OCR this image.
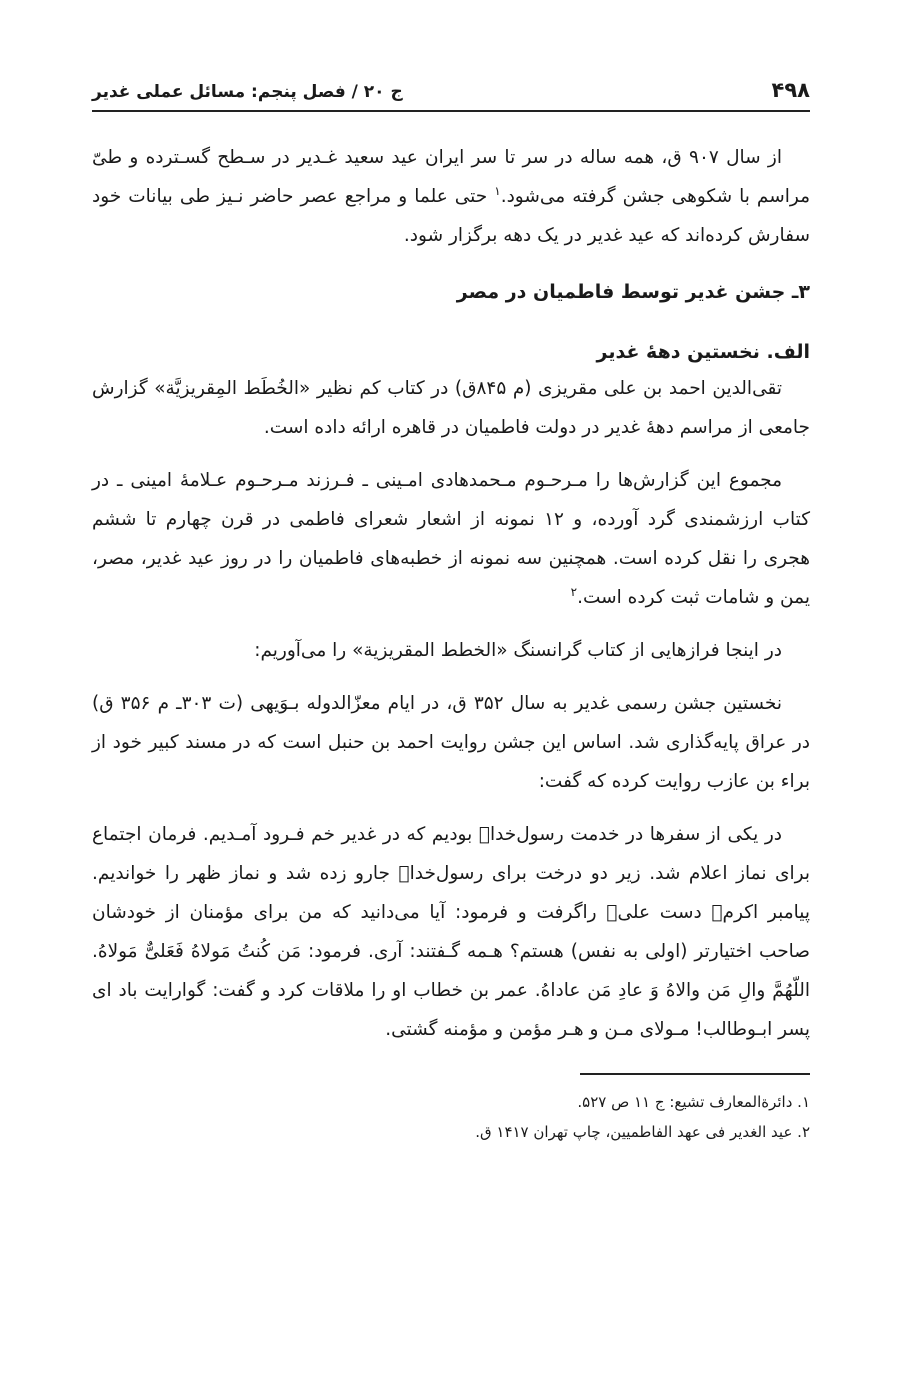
۴۹۸
ج ۲۰ / فصل پنجم: مسائل عملی غدیر

از سال ۹۰۷ ق، همه ساله در سر تا سر ایران عید سعید غـدیر در سـطح گسـترده و طیّ مراسم با شکوهی جشن گرفته می‌شود.$^۱$ حتی علما و مراجع عصر حاضر نـیز طی بیانات خود سفارش کرده‌اند که عید غدیر در یک دهه برگزار شود.

۳ـ جشن غدیر توسط فاطمیان در مصر
الف. نخستین دههٔ غدیر

تقی‌الدین احمد بن علی مقریزی (م ۸۴۵ق) در کتاب کم نظیر «الخُطَط المِقریزیَّة» گزارش جامعی از مراسم دههٔ غدیر در دولت فاطمیان در قاهره ارائه داده است.

مجموع این گزارش‌ها را مـرحـوم مـحمدهادی امـینی ـ فـرزند مـرحـوم عـلامهٔ امینی ـ در کتاب ارزشمندی گرد آورده، و ۱۲ نمونه از اشعار شعرای فاطمی در قرن چهارم تا ششم هجری را نقل کرده است. همچنین سه نمونه از خطبه‌های فاطمیان را در روز عید غدیر، مصر، یمن و شامات ثبت کرده است.$^۲$

در اینجا فرازهایی از کتاب گرانسنگ «الخطط المقریزیة» را می‌آوریم:

نخستین جشن رسمی غدیر به سال ۳۵۲ ق، در ایام معزّالدوله بـوَیهی (ت ۳۰۳ـ م ۳۵۶ ق) در عراق پایه‌گذاری شد. اساس این جشن روایت احمد بن حنبل است که در مسند کبیر خود از براء بن عازب روایت کرده که گفت:

در یکی از سفرها در خدمت رسول‌خداﷺ بودیم که در غدیر خم فـرود آمـدیم. فرمان اجتماع برای نماز اعلام شد. زیر دو درخت برای رسول‌خداﷺ جارو زده شد و نماز ظهر را خواندیم. پیامبر اکرمﷺ دست علیؑ راگرفت و فرمود: آیا می‌دانید که من برای مؤمنان از خودشان صاحب اختیارتر (اولی به نفس) هستم؟ هـمه گـفتند: آری. فرمود: مَن کُنتُ مَولاهُ فَعَلیٌّ مَولاهُ. اللّهُمَّ والِ مَن والاهُ وَ عادِ مَن عاداهُ. عمر بن خطاب او را ملاقات کرد و گفت: گوارایت باد ای پسر ابـوطالب! مـولای مـن و هـر مؤمن و مؤمنه گشتی.

۱. دائرة‌المعارف تشیع: ج ۱۱ ص ۵۲۷.

۲. عید الغدیر فی عهد الفاطمیین، چاپ تهران ۱۴۱۷ ق.
